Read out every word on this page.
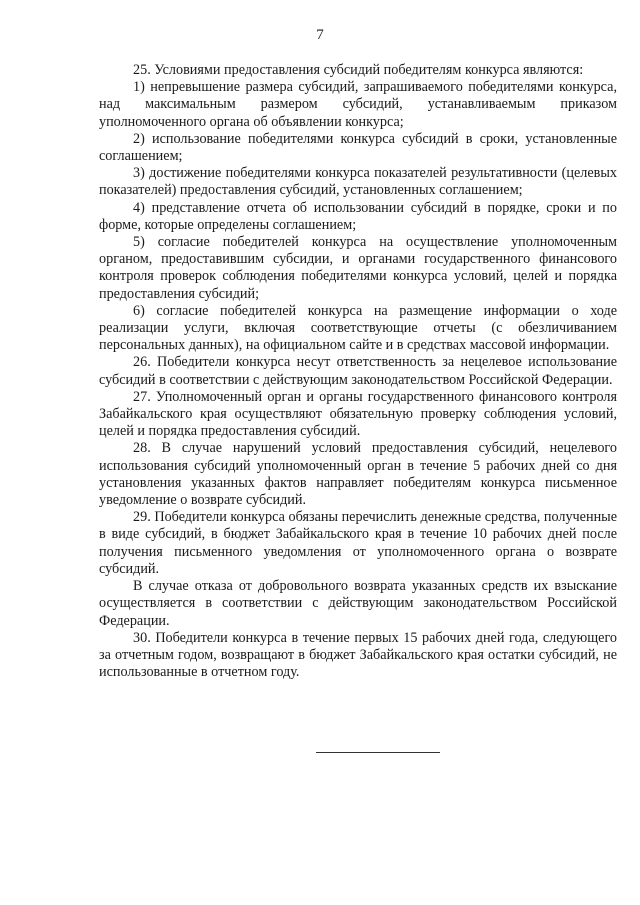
7

25. Условиями предоставления субсидий победителям конкурса являются:

1) непревышение размера субсидий, запрашиваемого победителями конкурса, над максимальным размером субсидий, устанавливаемым приказом уполномоченного органа об объявлении конкурса;

2) использование победителями конкурса субсидий в сроки, установленные соглашением;

3) достижение победителями конкурса показателей результативности (целевых показателей) предоставления субсидий, установленных соглашением;

4) представление отчета об использовании субсидий в порядке, сроки и по форме, которые определены соглашением;

5) согласие победителей конкурса на осуществление уполномоченным органом, предоставившим субсидии, и органами государственного финансового контроля проверок соблюдения победителями конкурса условий, целей и порядка предоставления субсидий;

6) согласие победителей конкурса на размещение информации о ходе реализации услуги, включая соответствующие отчеты (с обезличиванием персональных данных), на официальном сайте и в средствах массовой информации.

26. Победители конкурса несут ответственность за нецелевое использование субсидий в соответствии с действующим законодательством Российской Федерации.

27. Уполномоченный орган и органы государственного финансового контроля Забайкальского края осуществляют обязательную проверку соблюдения условий, целей и порядка предоставления субсидий.

28. В случае нарушений условий предоставления субсидий, нецелевого использования субсидий уполномоченный орган в течение 5 рабочих дней со дня установления указанных фактов направляет победителям конкурса письменное уведомление о возврате субсидий.

29. Победители конкурса обязаны перечислить денежные средства, полученные в виде субсидий, в бюджет Забайкальского края в течение 10 рабочих дней после получения письменного уведомления от уполномоченного органа о возврате субсидий.

В случае отказа от добровольного возврата указанных средств их взыскание осуществляется в соответствии с действующим законодательством Российской Федерации.

30. Победители конкурса в течение первых 15 рабочих дней года, следующего за отчетным годом, возвращают в бюджет Забайкальского края остатки субсидий, не использованные в отчетном году.
